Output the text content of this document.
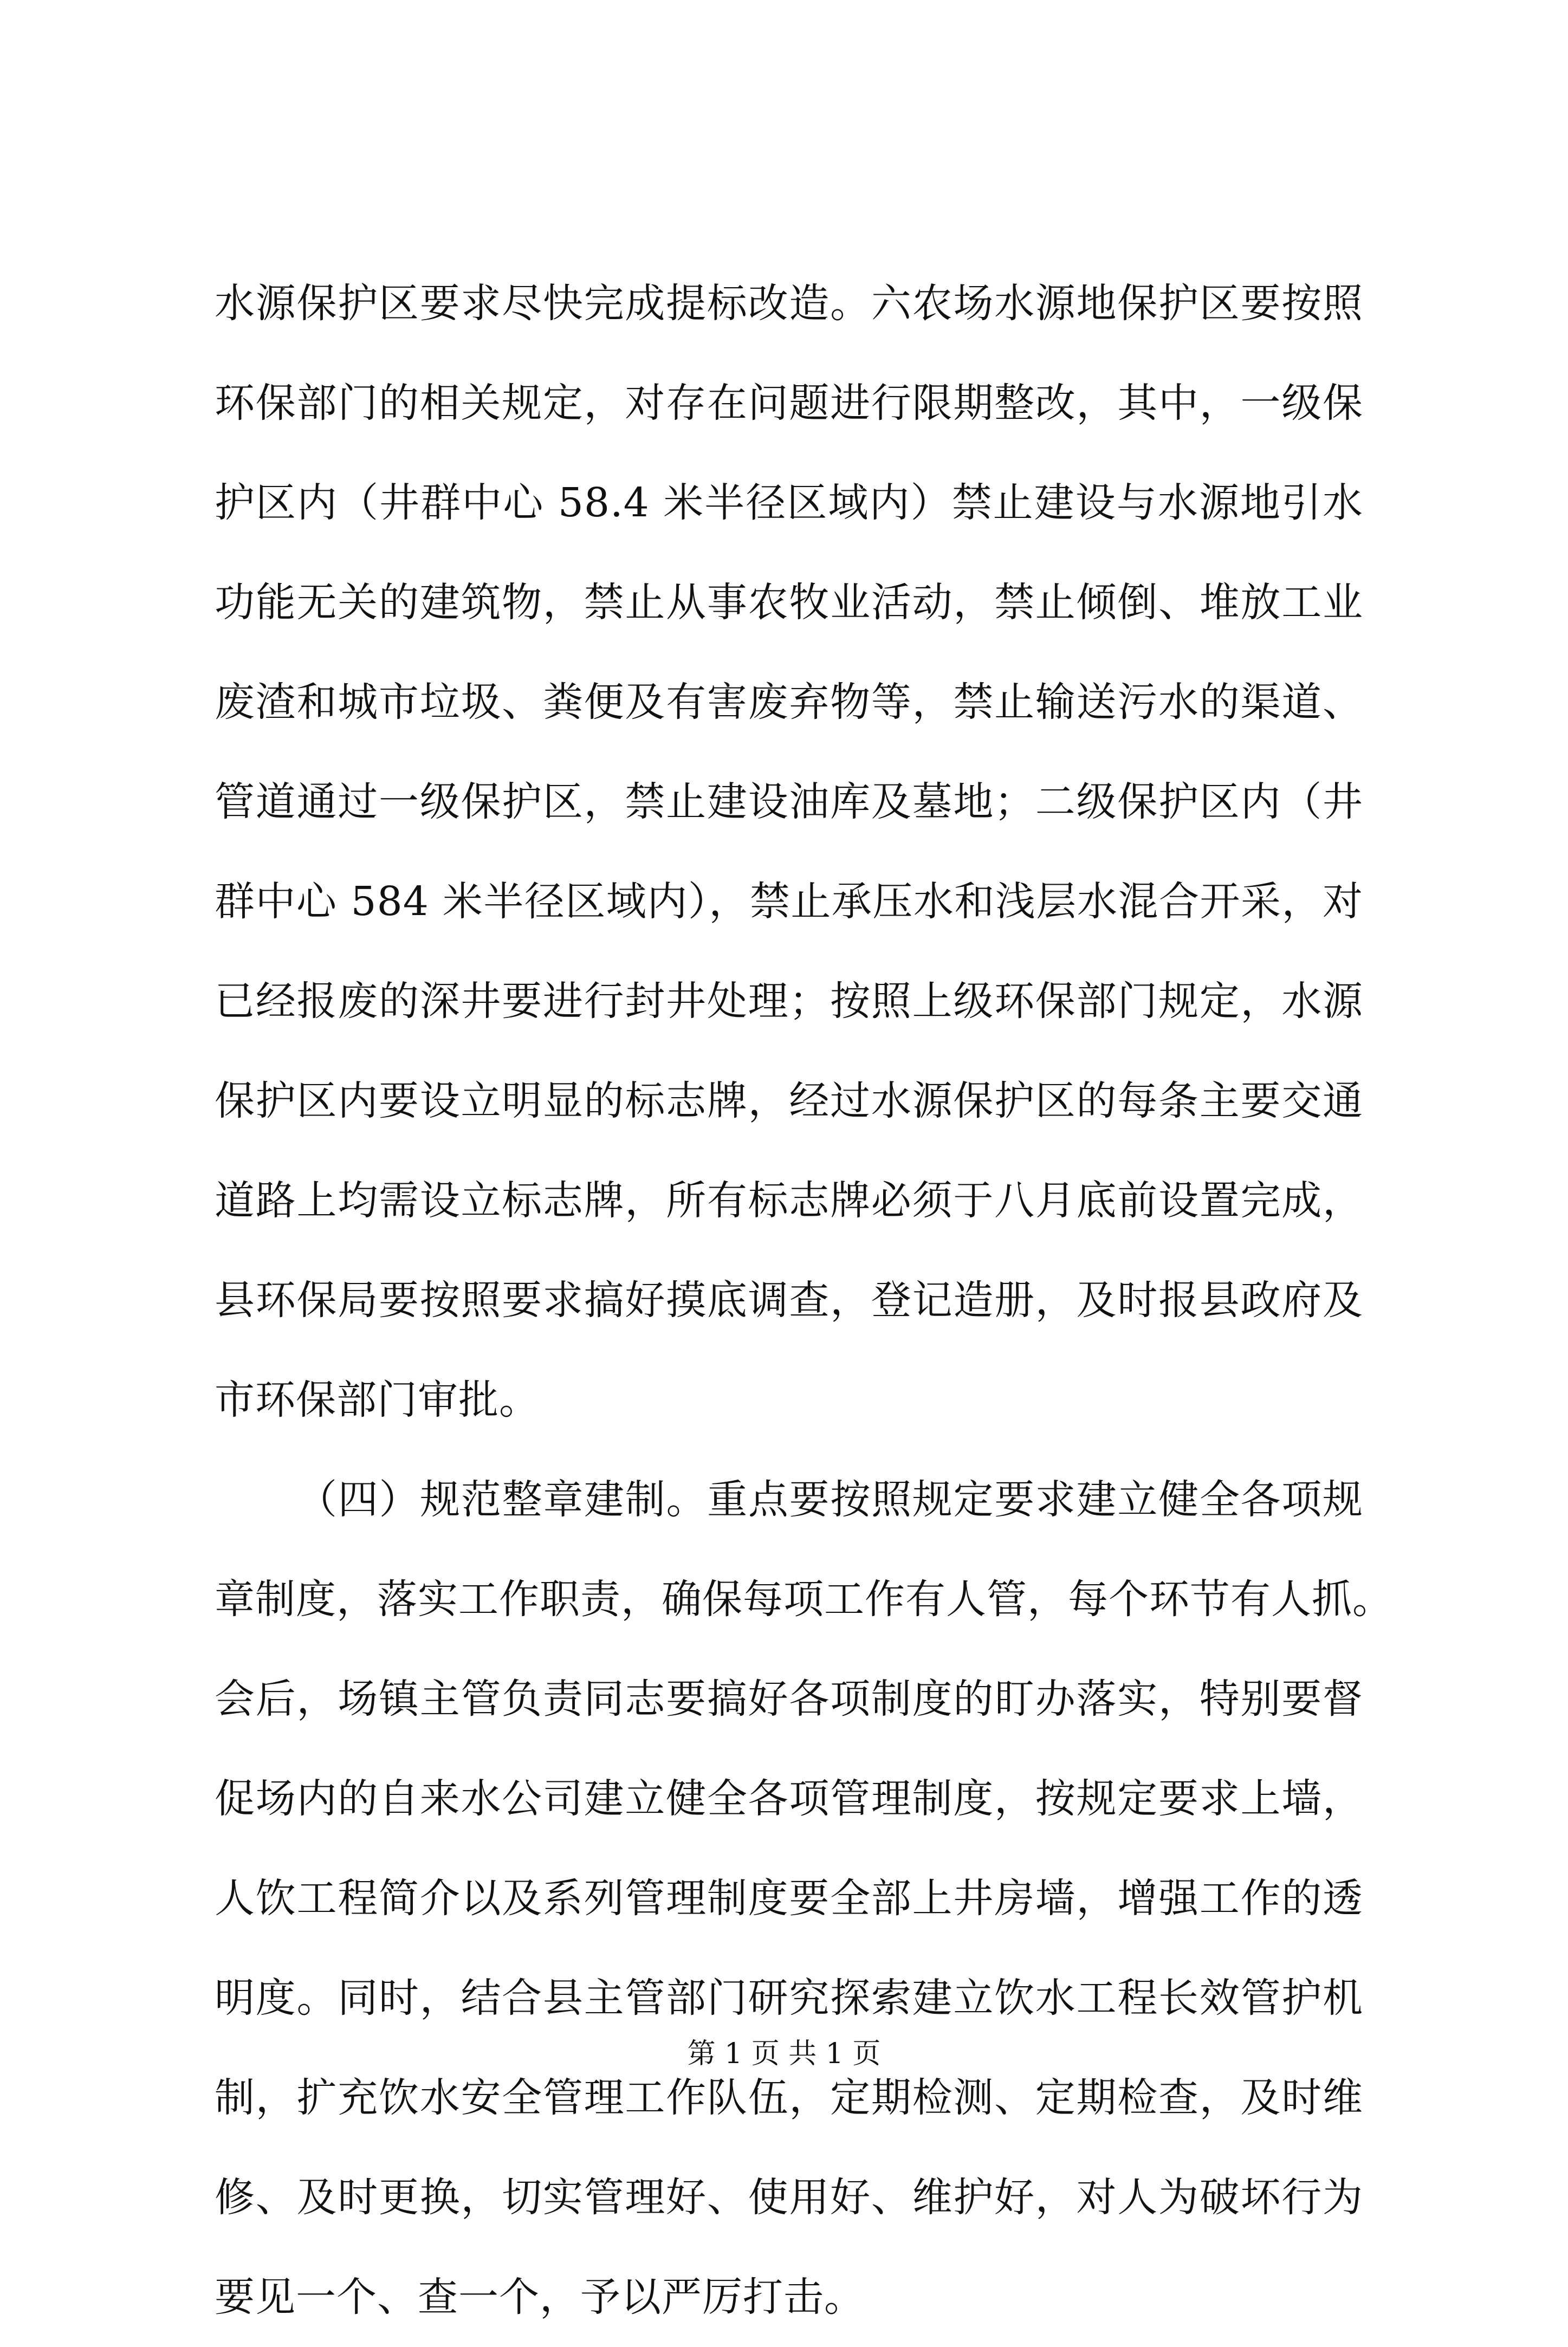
水源保护区要求尽快完成提标改造。六农场水源地保护区要按照
环保部门的相关规定，对存在问题进行限期整改，其中，一级保
护区内（井群中心 58.4 米半径区域内）禁止建设与水源地引水
功能无关的建筑物，禁止从事农牧业活动，禁止倾倒、堆放工业
废渣和城市垃圾、粪便及有害废弃物等，禁止输送污水的渠道、
管道通过一级保护区，禁止建设油库及墓地；二级保护区内（井
群中心 584 米半径区域内），禁止承压水和浅层水混合开采，对
已经报废的深井要进行封井处理；按照上级环保部门规定，水源
保护区内要设立明显的标志牌，经过水源保护区的每条主要交通
道路上均需设立标志牌，所有标志牌必须于八月底前设置完成，
县环保局要按照要求搞好摸底调查，登记造册，及时报县政府及
市环保部门审批。
（四）规范整章建制。重点要按照规定要求建立健全各项规
章制度，落实工作职责，确保每项工作有人管，每个环节有人抓。
会后，场镇主管负责同志要搞好各项制度的盯办落实，特别要督
促场内的自来水公司建立健全各项管理制度，按规定要求上墙，
人饮工程简介以及系列管理制度要全部上井房墙，增强工作的透
明度。同时，结合县主管部门研究探索建立饮水工程长效管护机
制，扩充饮水安全管理工作队伍，定期检测、定期检查，及时维
修、及时更换，切实管理好、使用好、维护好，对人为破坏行为
要见一个、查一个，予以严厉打击。
第 1 页 共 1 页
